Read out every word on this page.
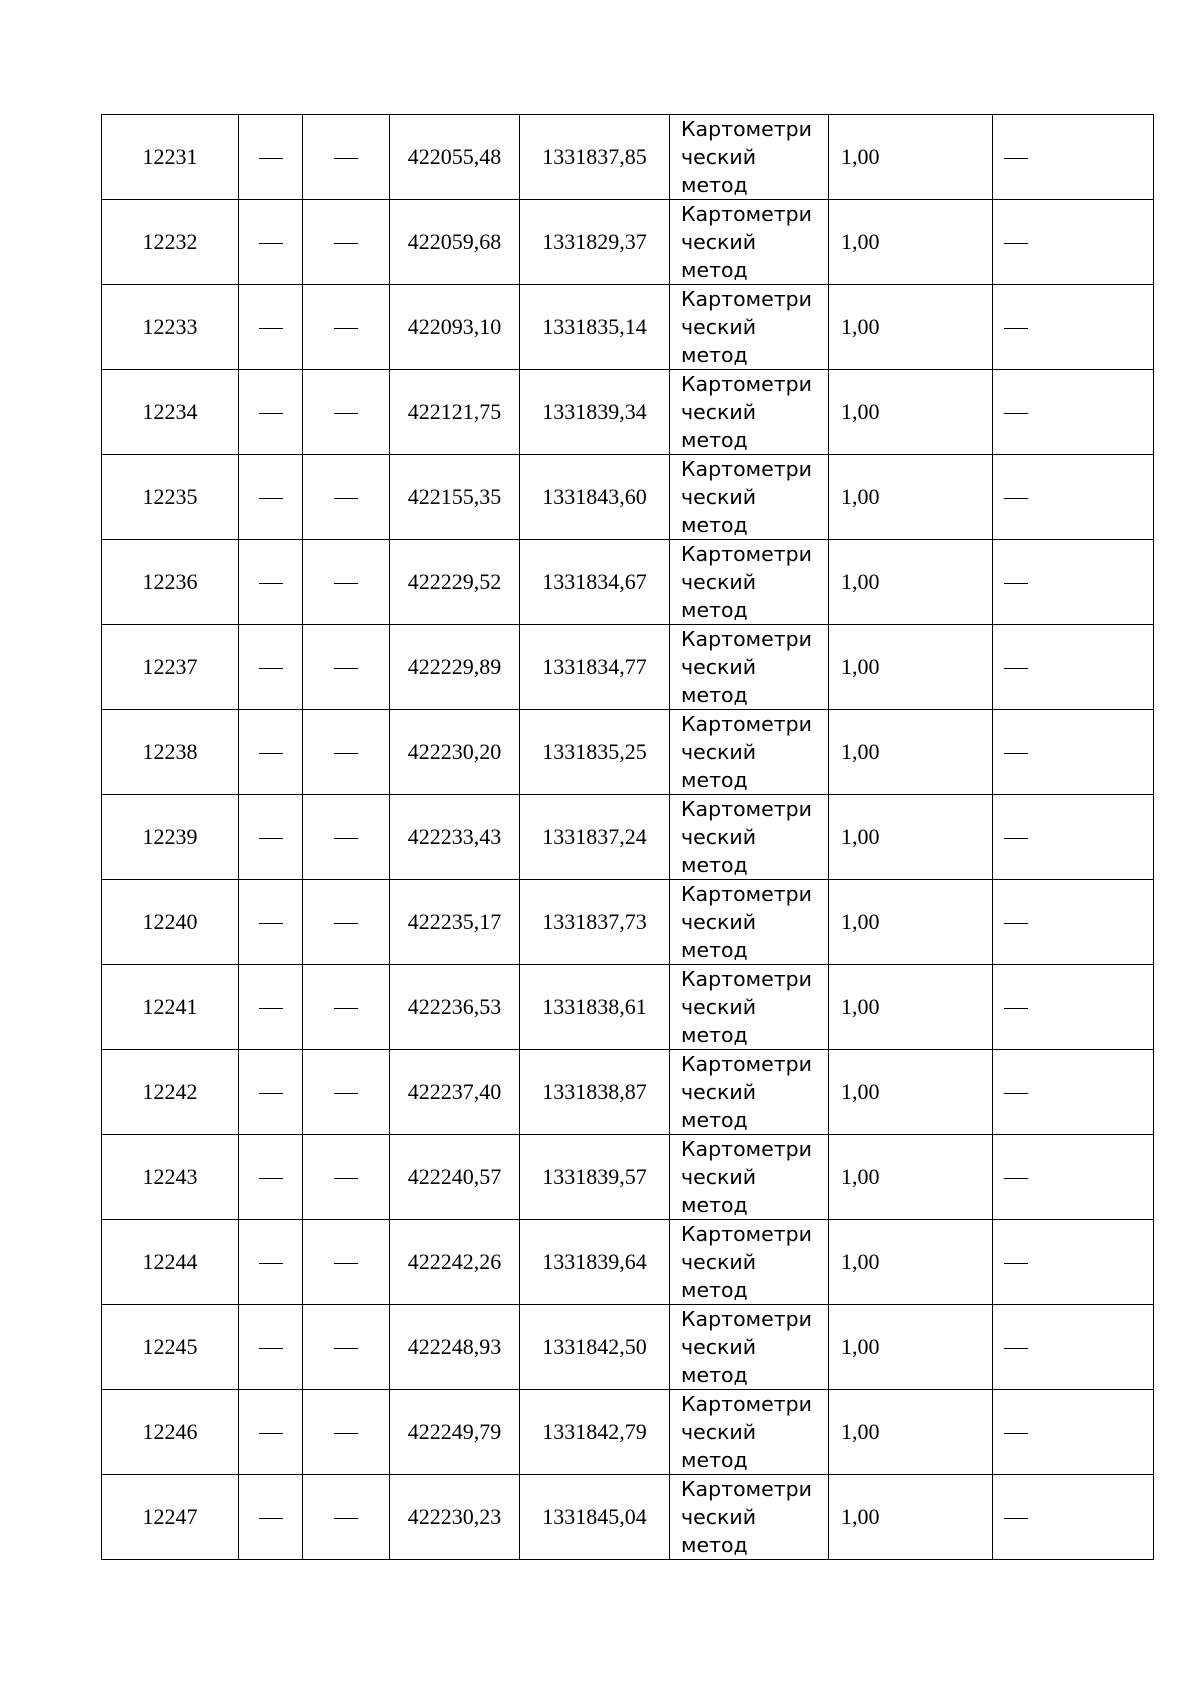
12231			422055,48	1331837,85	Картометри
ческий
метод	1,00	
12232			422059,68	1331829,37	Картометри
ческий
метод	1,00	
12233			422093,10	1331835,14	Картометри
ческий
метод	1,00	
12234			422121,75	1331839,34	Картометри
ческий
метод	1,00	
12235			422155,35	1331843,60	Картометри
ческий
метод	1,00	
12236			422229,52	1331834,67	Картометри
ческий
метод	1,00	
12237			422229,89	1331834,77	Картометри
ческий
метод	1,00	
12238			422230,20	1331835,25	Картометри
ческий
метод	1,00	
12239			422233,43	1331837,24	Картометри
ческий
метод	1,00	
12240			422235,17	1331837,73	Картометри
ческий
метод	1,00	
12241			422236,53	1331838,61	Картометри
ческий
метод	1,00	
12242			422237,40	1331838,87	Картометри
ческий
метод	1,00	
12243			422240,57	1331839,57	Картометри
ческий
метод	1,00	
12244			422242,26	1331839,64	Картометри
ческий
метод	1,00	
12245			422248,93	1331842,50	Картометри
ческий
метод	1,00	
12246			422249,79	1331842,79	Картометри
ческий
метод	1,00	
12247			422230,23	1331845,04	Картометри
ческий
метод	1,00	
